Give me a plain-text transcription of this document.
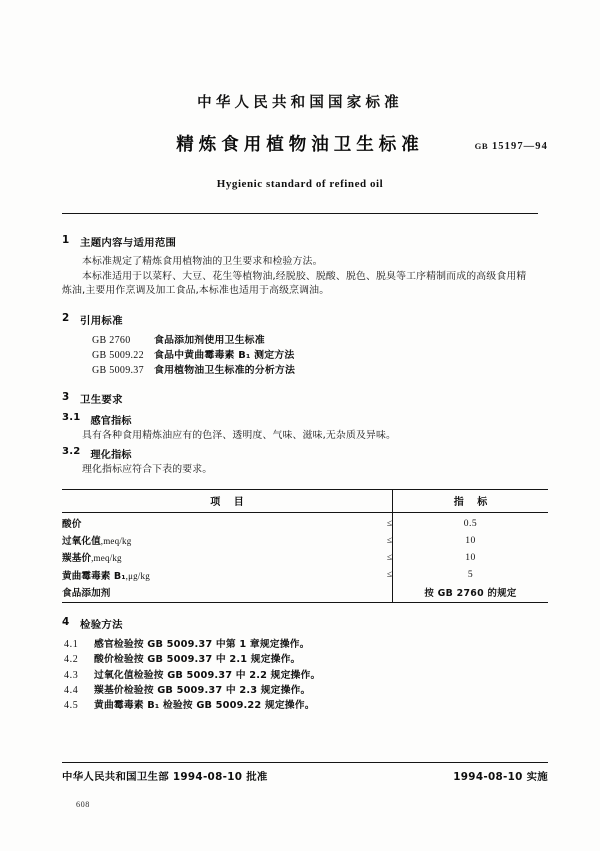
中华人民共和国国家标准
精炼食用植物油卫生标准	GB 15197—94
Hygienic standard of refined oil
1 主题内容与适用范围

本标准规定了精炼食用植物油的卫生要求和检验方法。

本标准适用于以菜籽、大豆、花生等植物油,经脱胶、脱酸、脱色、脱臭等工序精制而成的高级食用精

炼油,主要用作烹调及加工食品,本标准也适用于高级烹调油。

2 引用标准
GB 2760	食品添加剂使用卫生标准
GB 5009.22	食品中黄曲霉毒素 B₁ 测定方法
GB 5009.37	食用植物油卫生标准的分析方法
3 卫生要求
3.1 感官指标

具有各种食用精炼油应有的色泽、透明度、气味、滋味,无杂质及异味。

3.2 理化指标

理化指标应符合下表的要求。

项 目		指 标
酸价	≤	0.5
过氧化值,meq/kg	≤	10
羰基价,meq/kg	≤	10
黄曲霉毒素 B₁,μg/kg	≤	5
食品添加剂		按 GB 2760 的规定
4 检验方法
4.1	感官检验按 GB 5009.37 中第 1 章规定操作。
4.2	酸价检验按 GB 5009.37 中 2.1 规定操作。
4.3	过氧化值检验按 GB 5009.37 中 2.2 规定操作。
4.4	羰基价检验按 GB 5009.37 中 2.3 规定操作。
4.5	黄曲霉毒素 B₁ 检验按 GB 5009.22 规定操作。
中华人民共和国卫生部 1994-08-10 批准	1994-08-10 实施
608
